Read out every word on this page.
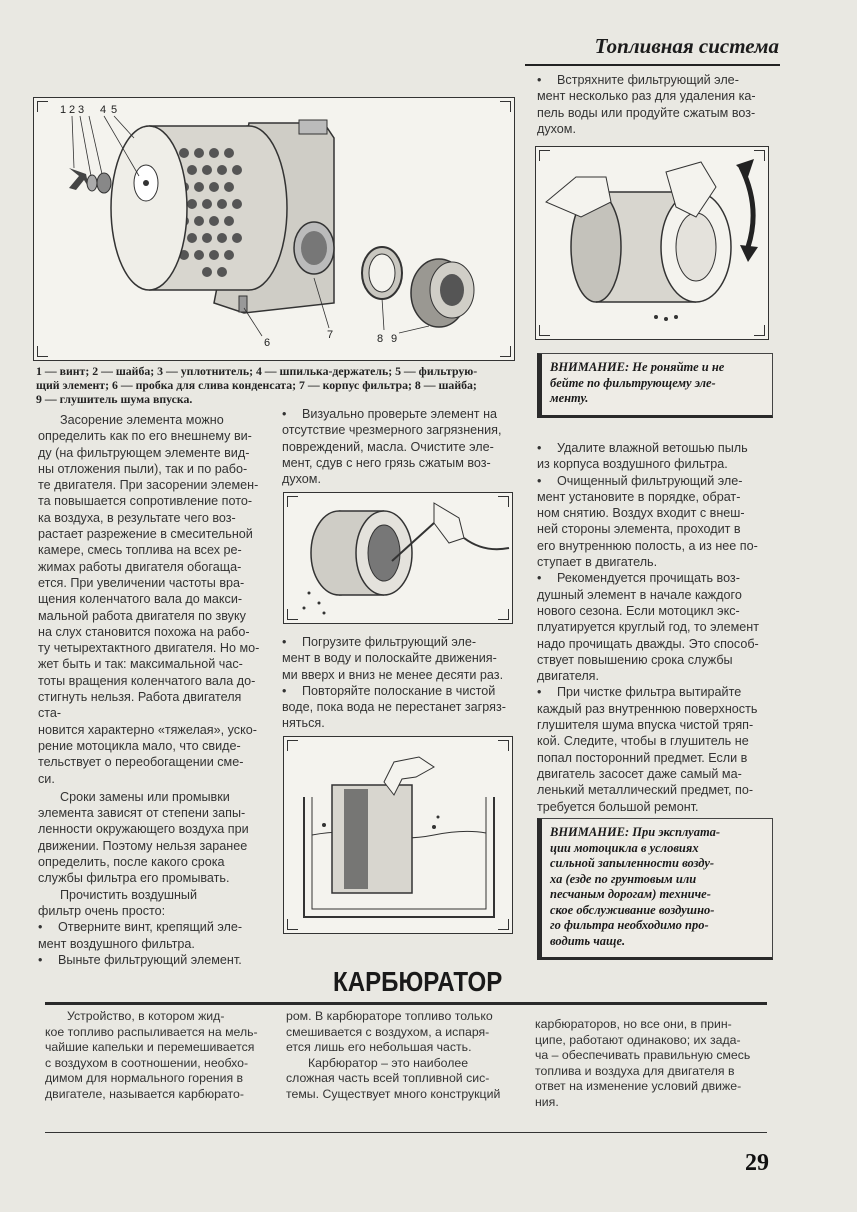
Топливная система
1 2 3 4 5
6
7	8 9
1 — винт; 2 — шайба; 3 — уплотнитель; 4 — шпилька-держатель; 5 — фильтрую-
щий элемент; 6 — пробка для слива конденсата; 7 — корпус фильтра; 8 — шайба;
9 — глушитель шума впуска.
Засорение элемента можно
определить как по его внешнему ви-
ду (на фильтрующем элементе вид-
ны отложения пыли), так и по рабо-
те двигателя. При засорении элемен-
та повышается сопротивление пото-
ка воздуха, в результате чего воз-
растает разрежение в смесительной
камере, смесь топлива на всех ре-
жимах работы двигателя обогаща-
ется. При увеличении частоты вра-
щения коленчатого вала до макси-
мальной работа двигателя по звуку
на слух становится похожа на рабо-
ту четырехтактного двигателя. Но мо-
жет быть и так: максимальной час-
тоты вращения коленчатого вала до-
стигнуть нельзя. Работа двигателя ста-
новится характерно «тяжелая», уско-
рение мотоцикла мало, что свиде-
тельствует о переобогащении сме-
си.
Сроки замены или промывки
элемента зависят от степени запы-
ленности окружающего воздуха при
движении. Поэтому нельзя заранее
определить, после какого срока
службы фильтра его промывать.
Прочистить воздушный
фильтр очень просто:
• Отверните винт, крепящий эле-
мент воздушного фильтра.
• Выньте фильтрующий элемент.
• Визуально проверьте элемент на
отсутствие чрезмерного загрязнения,
повреждений, масла. Очистите эле-
мент, сдув с него грязь сжатым воз-
духом.
• Погрузите фильтрующий эле-
мент в воду и полоскайте движения-
ми вверх и вниз не менее десяти раз.
• Повторяйте полоскание в чистой
воде, пока вода не перестанет загряз-
няться.
• Встряхните фильтрующий эле-
мент несколько раз для удаления ка-
пель воды или продуйте сжатым воз-
духом.
ВНИМАНИЕ: Не роняйте и не
бейте по фильтрующему эле-
менту.
• Удалите влажной ветошью пыль
из корпуса воздушного фильтра.
• Очищенный фильтрующий эле-
мент установите в порядке, обрат-
ном снятию. Воздух входит с внеш-
ней стороны элемента, проходит в
его внутреннюю полость, а из нее по-
ступает в двигатель.
• Рекомендуется прочищать воз-
душный элемент в начале каждого
нового сезона. Если мотоцикл экс-
плуатируется круглый год, то элемент
надо прочищать дважды. Это способ-
ствует повышению срока службы
двигателя.
• При чистке фильтра вытирайте
каждый раз внутреннюю поверхность
глушителя шума впуска чистой тряп-
кой. Следите, чтобы в глушитель не
попал посторонний предмет. Если в
двигатель засосет даже самый ма-
ленький металлический предмет, по-
требуется большой ремонт.
ВНИМАНИЕ: При эксплуата-
ции мотоцикла в условиях
сильной запыленности возду-
ха (езде по грунтовым или
песчаным дорогам) техниче-
ское обслуживание воздушно-
го фильтра необходимо про-
водить чаще.
КАРБЮРАТОР
Устройство, в котором жид-
кое топливо распыливается на мель-
чайшие капельки и перемешивается
с воздухом в соотношении, необхо-
димом для нормального горения в
двигателе, называется карбюрато-
ром. В карбюраторе топливо только
смешивается с воздухом, а испаря-
ется лишь его небольшая часть.
Карбюратор – это наиболее
сложная часть всей топливной сис-
темы. Существует много конструкций
карбюраторов, но все они, в прин-
ципе, работают одинаково; их зада-
ча – обеспечивать правильную смесь
топлива и воздуха для двигателя в
ответ на изменение условий движе-
ния.
29
